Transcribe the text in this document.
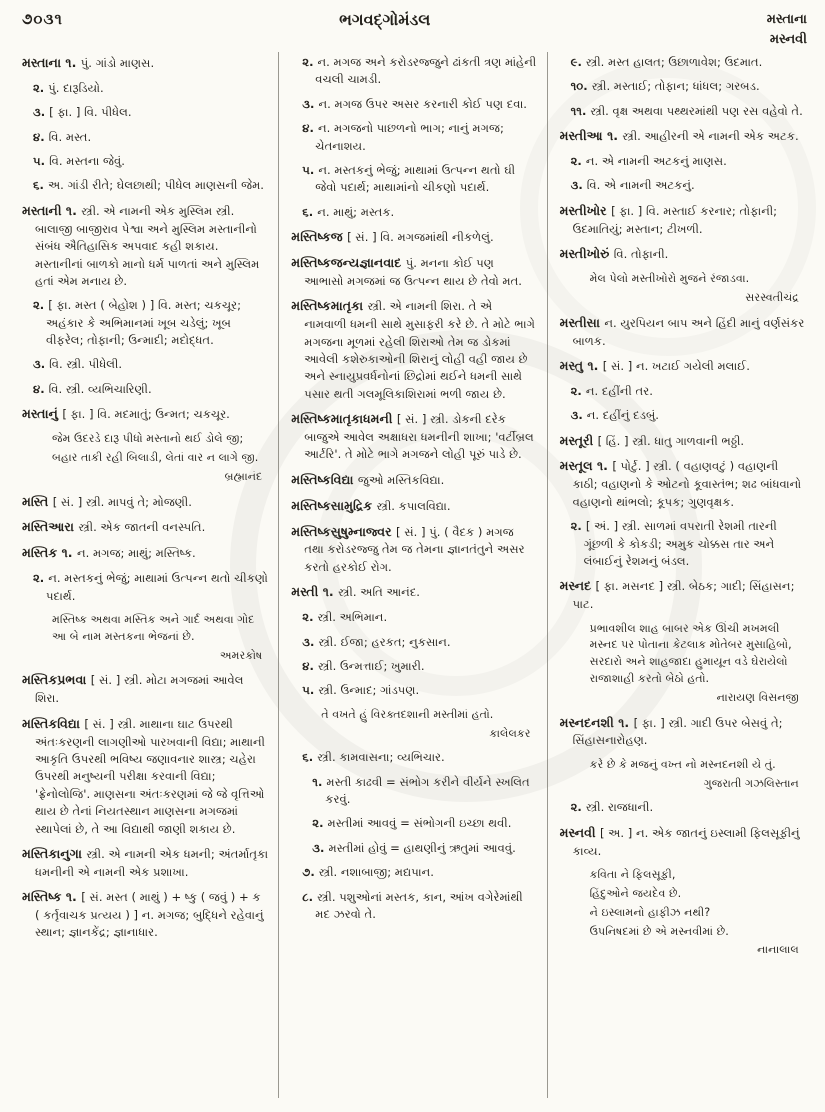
૭૦૩૧	ભગવદ્ગોમંડલ	મસ્તાના
મસ્નવી

મસ્તાના ૧. પું. ગાંડો માણસ.

૨. પું. દારૂડિયો.

૩. [ ફા. ] વિ. પીધેલ.

૪. વિ. મસ્ત.

૫. વિ. મસ્તના જેવું.

૬. અ. ગાંડી રીતે; ઘેલછાથી; પીધેલ માણસની જેમ.

મસ્તાની ૧. સ્ત્રી. એ નામની એક મુસ્લિમ સ્ત્રી. બાલાજી બાજીરાવ પેશ્વા અને મુસ્લિમ મસ્તાનીનો સંબંધ ઐતિહાસિક અપવાદ કહી શકાય. મસ્તાનીનાં બાળકો માનો ધર્મ પાળતાં અને મુસ્લિમ હતાં એમ મનાય છે.

૨. [ ફા. મસ્ત ( બેહોશ ) ] વિ. મસ્ત; ચકચૂર; અહંકાર કે અભિમાનમાં ખૂબ ચડેલું; ખૂબ વીફરેલ; તોફાની; ઉન્માદી; મદોદ્ધત.

૩. વિ. સ્ત્રી. પીધેલી.

૪. વિ. સ્ત્રી. વ્યભિચારિણી.

મસ્તાનું [ ફા. ] વિ. મદમાતું; ઉન્મત; ચકચૂર.

જેમ ઉદરડે દારૂ પીધો મસ્તાનો થઈ ડોલે જી;

બહાર તાકી રહી બિલાડી, લેતાં વાર ન લાગે જી.

બ્રહ્માનંદ

મસ્તિ [ સં. ] સ્ત્રી. માપવું તે; મોજણી.

મસ્તિઆરા સ્ત્રી. એક જાતની વનસ્પતિ.

મસ્તિક ૧. ન. મગજ; માથું; મસ્તિષ્ક.

૨. ન. મસ્તકનું ભેજું; માથામાં ઉત્પન્ન થતો ચીકણો પદાર્થ.

મસ્તિષ્ક અથવા મસ્તિક અને ગાર્દ અથવા ગોદ આ બે નામ મસ્તકના ભેજનાં છે.

અમરકોષ

મસ્તિકપ્રભવા [ સં. ] સ્ત્રી. મોટા મગજમાં આવેલ શિરા.

મસ્તિકવિદ્યા [ સં. ] સ્ત્રી. માથાના ઘાટ ઉપરથી અંતઃકરણની લાગણીઓ પારખવાની વિદ્યા; માથાની આકૃતિ ઉપરથી ભવિષ્ય જણાવનાર શાસ્ત્ર; ચહેરા ઉપરથી મનુષ્યની પરીક્ષા કરવાની વિદ્યા; 'ફ્રેનોલોજિ'. માણસના અંતઃકરણમાં જે જે વૃત્તિઓ થાય છે તેનાં નિયતસ્થાન માણસના મગજમાં સ્થાપેલાં છે, તે આ વિદ્યાથી જાણી શકાય છે.

મસ્તિકાનુગા સ્ત્રી. એ નામની એક ધમની; અંતર્માતૃકા ધમનીની એ નામની એક પ્રશાખા.

મસ્તિષ્ક ૧. [ સં. મસ્ત ( માથું ) + ષ્કુ ( જવું ) + ક ( કર્તૃવાચક પ્રત્યય ) ] ન. મગજ; બુદ્ધિને રહેવાનું સ્થાન; જ્ઞાનકેંદ્ર; જ્ઞાનાધાર.

૨. ન. મગજ અને કરોડરજ્જુને ઢાંકતી ત્રણ માંહેની વચલી ચામડી.

૩. ન. મગજ ઉપર અસર કરનારી કોઈ પણ દવા.

૪. ન. મગજનો પાછળનો ભાગ; નાનું મગજ; ચેતનાશય.

૫. ન. મસ્તકનું ભેજું; માથામાં ઉત્પન્ન થતો ઘી જેવો પદાર્થ; માથામાંનો ચીકણો પદાર્થ.

૬. ન. માથું; મસ્તક.

મસ્તિષ્કજ [ સં. ] વિ. મગજમાંથી નીકળેલું.

મસ્તિષ્કજન્યજ્ઞાનવાદ પું. મનના કોઈ પણ આભાસો મગજમાં જ ઉત્પન્ન થાય છે તેવો મત.

મસ્તિષ્કમાતૃકા સ્ત્રી. એ નામની શિરા. તે એ નામવાળી ધમની સાથે મુસાફરી કરે છે. તે મોટે ભાગે મગજના મૂળમાં રહેલી શિરાઓ તેમ જ ડોકમાં આવેલી કશેરુકાઓની શિરાનું લોહી વહી જાય છે અને સ્નાયુપ્રવર્ધનોનાં છિદ્રોમાં થઈને ધમની સાથે પસાર થતી ગલમૂલિકાશિરામાં ભળી જાય છે.

મસ્તિષ્કમાતૃકાધમની [ સં. ] સ્ત્રી. ડોકની દરેક બાજુએ આવેલ અક્ષાધરા ધમનીની શાખા; 'વર્ટીબ્રલ આર્ટરિ'. તે મોટે ભાગે મગજને લોહી પૂરું પાડે છે.

મસ્તિષ્કવિદ્યા જુઓ મસ્તિકવિદ્યા.

મસ્તિષ્કસામુદ્રિક સ્ત્રી. કપાલવિદ્યા.

મસ્તિષ્કસુષુમ્નાજ્વર [ સં. ] પું. ( વૈદક ) મગજ તથા કરોડરજ્જુ તેમ જ તેમના જ્ઞાનતંતુને અસર કરતો હરકોઈ રોગ.

મસ્તી ૧. સ્ત્રી. અતિ આનંદ.

૨. સ્ત્રી. અભિમાન.

૩. સ્ત્રી. ઈજા; હરકત; નુકસાન.

૪. સ્ત્રી. ઉન્મત્તાઈ; ખુમારી.

૫. સ્ત્રી. ઉન્માદ; ગાંડપણ.

તે વખતે હું વિરક્તદશાની મસ્તીમાં હતો.

કાલેલકર

૬. સ્ત્રી. કામવાસના; વ્યભિચાર.

૧. મસ્તી કાઢવી = સંભોગ કરીને વીર્યને સ્ખલિત કરવું.

૨. મસ્તીમાં આવવું = સંભોગની ઇચ્છા થવી.

૩. મસ્તીમાં હોવું = હાથણીનું ઋતુમાં આવવું.

૭. સ્ત્રી. નશાબાજી; મદ્યપાન.

૮. સ્ત્રી. પશુઓનાં મસ્તક, કાન, આંખ વગેરેમાંથી મદ ઝરવો તે.

૯. સ્ત્રી. મસ્ત હાલત; ઉછાળાવેશ; ઉદમાત.

૧૦. સ્ત્રી. મસ્તાઈ; તોફાન; ધાંધલ; ગરબડ.

૧૧. સ્ત્રી. વૃક્ષ અથવા પથ્થરમાંથી પણ રસ વહેવો તે.

મસ્તીઆ ૧. સ્ત્રી. આહીરની એ નામની એક અટક.

૨. ન. એ નામની અટકનું માણસ.

૩. વિ. એ નામની અટકનું.

મસ્તીખોર [ ફા. ] વિ. મસ્તાઈ કરનાર; તોફાની; ઉદમાતિયું; મસ્તાન; ટીખળી.

મસ્તીખોરું વિ. તોફાની.

મેલ પેલો મસ્તીખોરો મુજને રંજાડવા.

સરસ્વતીચંદ્ર

મસ્તીસા ન. યુરપિયન બાપ અને હિંદી માનું વર્ણસંકર બાળક.

મસ્તુ ૧. [ સં. ] ન. ખટાઈ ગયેલી મલાઈ.

૨. ન. દહીંની તર.

૩. ન. દહીંનું દડબું.

મસ્તૂરી [ હિં. ] સ્ત્રી. ધાતુ ગાળવાની ભઠ્ઠી.

મસ્તૂલ ૧. [ પોર્ટુ. ] સ્ત્રી. ( વહાણવટું ) વહાણની કાઠી; વહાણનો કે ઓટનો કૂવાસ્તંભ; શઢ બાંધવાનો વહાણનો થાંભલો; કૂપક; ગુણવૃક્ષક.

૨. [ અં. ] સ્ત્રી. સાળમાં વપરાતી રેશમી તારની ગૂંછળી કે કોકડી; અમુક ચોક્કસ તાર અને લંબાઈનું રેશમનું બંડલ.

મસ્નદ [ ફા. મસનદ ] સ્ત્રી. બેઠક; ગાદી; સિંહાસન; પાટ.

પ્રભાવશીલ શાહ બાબર એક ઊંચી મખમલી મસ્નદ પર પોતાના કેટલાક મોતેબર મુસાહિબો, સરદારો અને શાહજાદા હુમાયૂન વડે ઘેરાયેલો રાજાશાહી કરતો બેઠો હતો.

નારાયણ વિસનજી

મસ્નદનશી ૧. [ ફા. ] સ્ત્રી. ગાદી ઉપર બેસવું તે; સિંહાસનારોહણ.

કરે છે કે મજનું વખ્ત નો મસ્નદનશી યે તું.

ગુજરાતી ગઝલિસ્તાન

૨. સ્ત્રી. રાજધાની.

મસ્નવી [ અ. ] ન. એક જાતનું ઇસ્લામી ફિલસૂફીનું કાવ્ય.

કવિતા ને ફિલસૂફી,

હિંદુઓને જયદેવ છે.

ને ઇસ્લામનો હાફીઝ નથી?

ઉપનિષદમાં છે એ મસ્નવીમાં છે.

નાનાલાલ
